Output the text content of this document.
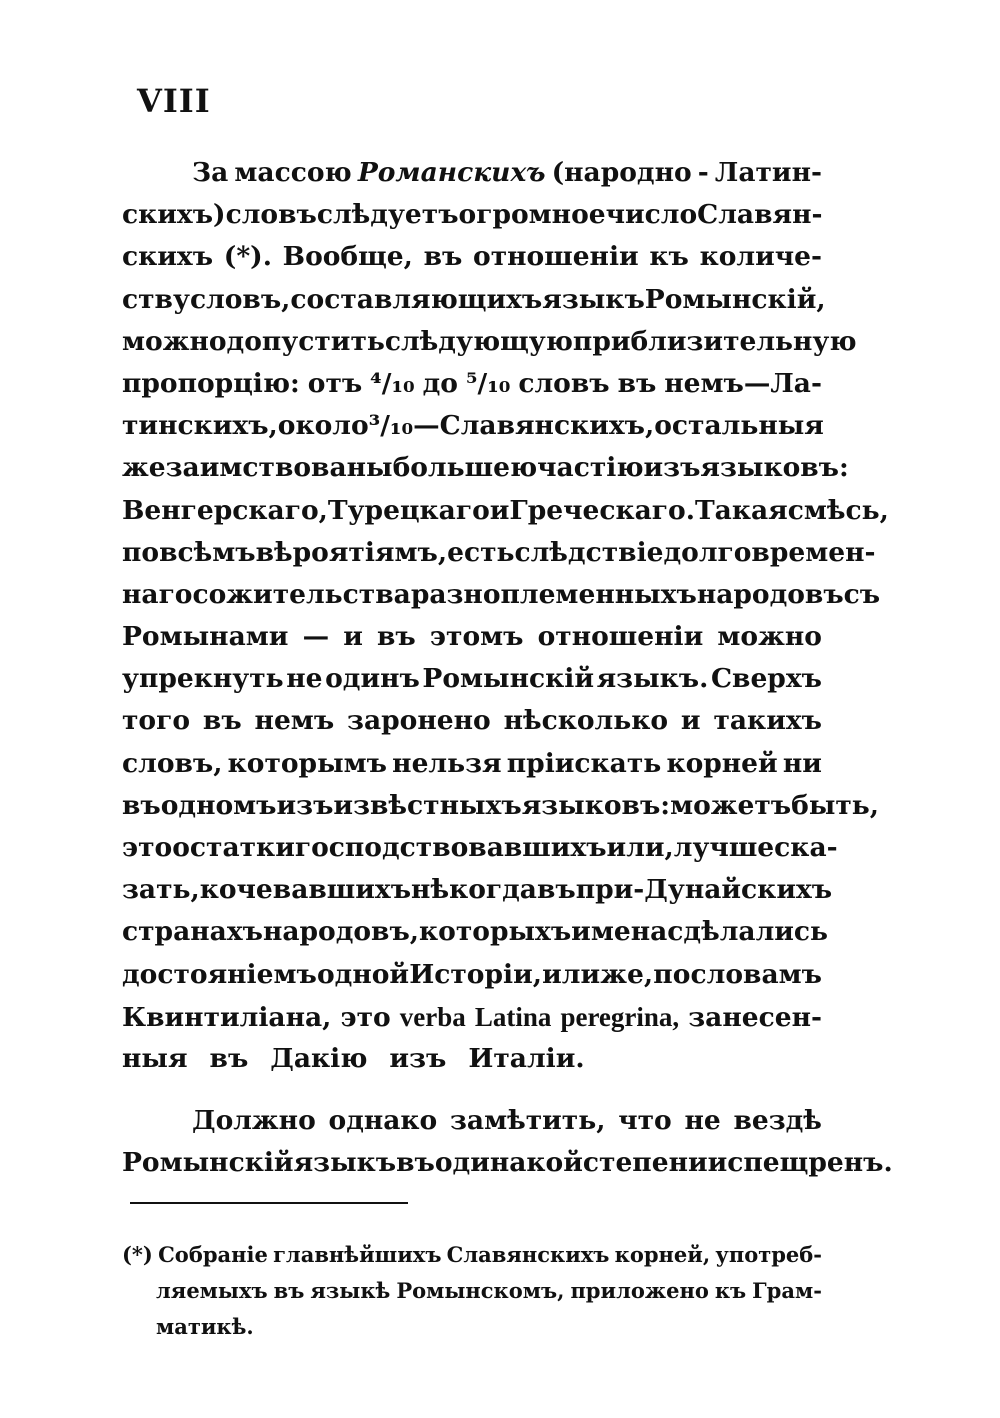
VIII
За массою Романскихъ (народно - Латин-
скихъ) словъ слѣдуетъ огромное число Славян-
скихъ (*). Вообще, въ отношеніи къ количе-
ству словъ, составляющихъ языкъ Ромынскій,
можно допустить слѣдующую приблизительную
пропорцію: отъ ⁴/₁₀ до ⁵/₁₀ словъ въ немъ—Ла-
тинскихъ, около ³/₁₀ — Славянскихъ, остальныя
же заимствованы большею частію изъ языковъ:
Венгерскаго, Турецкаго и Греческаго. Такая смѣсь,
по всѣмъ вѣроятіямъ, есть слѣдствіе долговремен-
наго сожительства разноплеменныхъ народовъ съ
Ромынами — и въ этомъ отношеніи можно
упрекнуть не одинъ Ромынскій языкъ. Сверхъ
того въ немъ заронено нѣсколько и такихъ
словъ, которымъ нельзя пріискать корней ни
въ одномъ изъ извѣстныхъ языковъ: можетъ быть,
это остатки господствовавшихъ или, лучше ска-
зать, кочевавшихъ нѣкогда въ при-Дунайскихъ
странахъ народовъ, которыхъ имена сдѣлались
достояніемъ одной Исторіи, или же, по словамъ
Квинтиліана, это verba Latina peregrina, занесен-
ныя въ Дакію изъ Италіи.
Должно однако замѣтить, что не вездѣ
Ромынскій языкъ въ одинакой степени испещренъ.
(*) Собраніе главнѣйшихъ Славянскихъ корней, употреб-
ляемыхъ въ языкѣ Ромынскомъ, приложено къ Грам-
матикѣ.
